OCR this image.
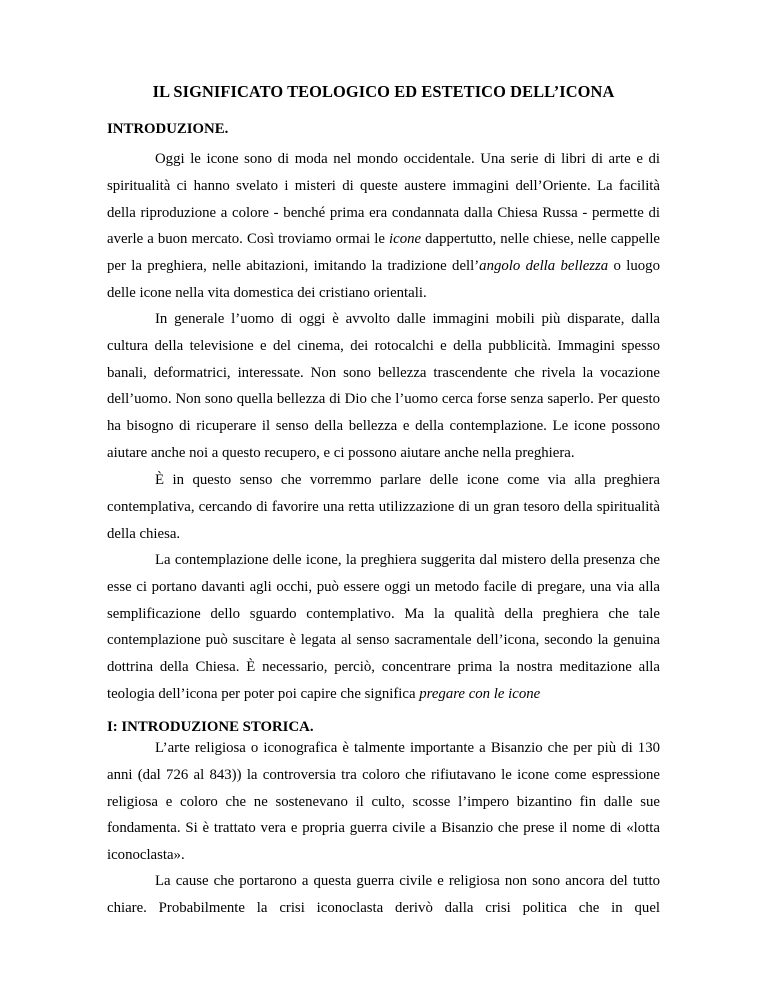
IL SIGNIFICATO TEOLOGICO ED ESTETICO DELL’ICONA
INTRODUZIONE.

Oggi le icone sono di moda nel mondo occidentale. Una serie di libri di arte e di spiritualità ci hanno svelato i misteri di queste austere immagini dell’Oriente. La facilità della riproduzione a colore - benché prima era condannata dalla Chiesa Russa - permette di averle a buon mercato. Così troviamo ormai le icone dappertutto, nelle chiese, nelle cappelle per la preghiera, nelle abitazioni, imitando la tradizione dell’angolo della bellezza o luogo delle icone nella vita domestica dei cristiano orientali.

In generale l’uomo di oggi è avvolto dalle immagini mobili più disparate, dalla cultura della televisione e del cinema, dei rotocalchi e della pubblicità. Immagini spesso banali, deformatrici, interessate. Non sono bellezza trascendente che rivela la vocazione dell’uomo. Non sono quella bellezza di Dio che l’uomo cerca forse senza saperlo. Per questo ha bisogno di ricuperare il senso della bellezza e della contemplazione. Le icone possono aiutare anche noi a questo recupero, e ci possono aiutare anche nella preghiera.

È in questo senso che vorremmo parlare delle icone come via alla preghiera contemplativa, cercando di favorire una retta utilizzazione di un gran tesoro della spiritualità della chiesa.

La contemplazione delle icone, la preghiera suggerita dal mistero della presenza che esse ci portano davanti agli occhi, può essere oggi un metodo facile di pregare, una via alla semplificazione dello sguardo contemplativo. Ma la qualità della preghiera che tale contemplazione può suscitare è legata al senso sacramentale dell’icona, secondo la genuina dottrina della Chiesa. È necessario, perciò, concentrare prima la nostra meditazione alla teologia dell’icona per poter poi capire che significa pregare con le icone

I: INTRODUZIONE STORICA.

L’arte religiosa o iconografica è talmente importante a Bisanzio che per più di 130 anni (dal 726 al 843)) la controversia tra coloro che rifiutavano le icone come espressione religiosa e coloro che ne sostenevano il culto, scosse l’impero bizantino fin dalle sue fondamenta. Si è trattato vera e propria guerra civile a Bisanzio che prese il nome di «lotta iconoclasta».

La cause che portarono a questa guerra civile e religiosa non sono ancora del tutto chiare. Probabilmente la crisi iconoclasta derivò dalla crisi politica che in quel
